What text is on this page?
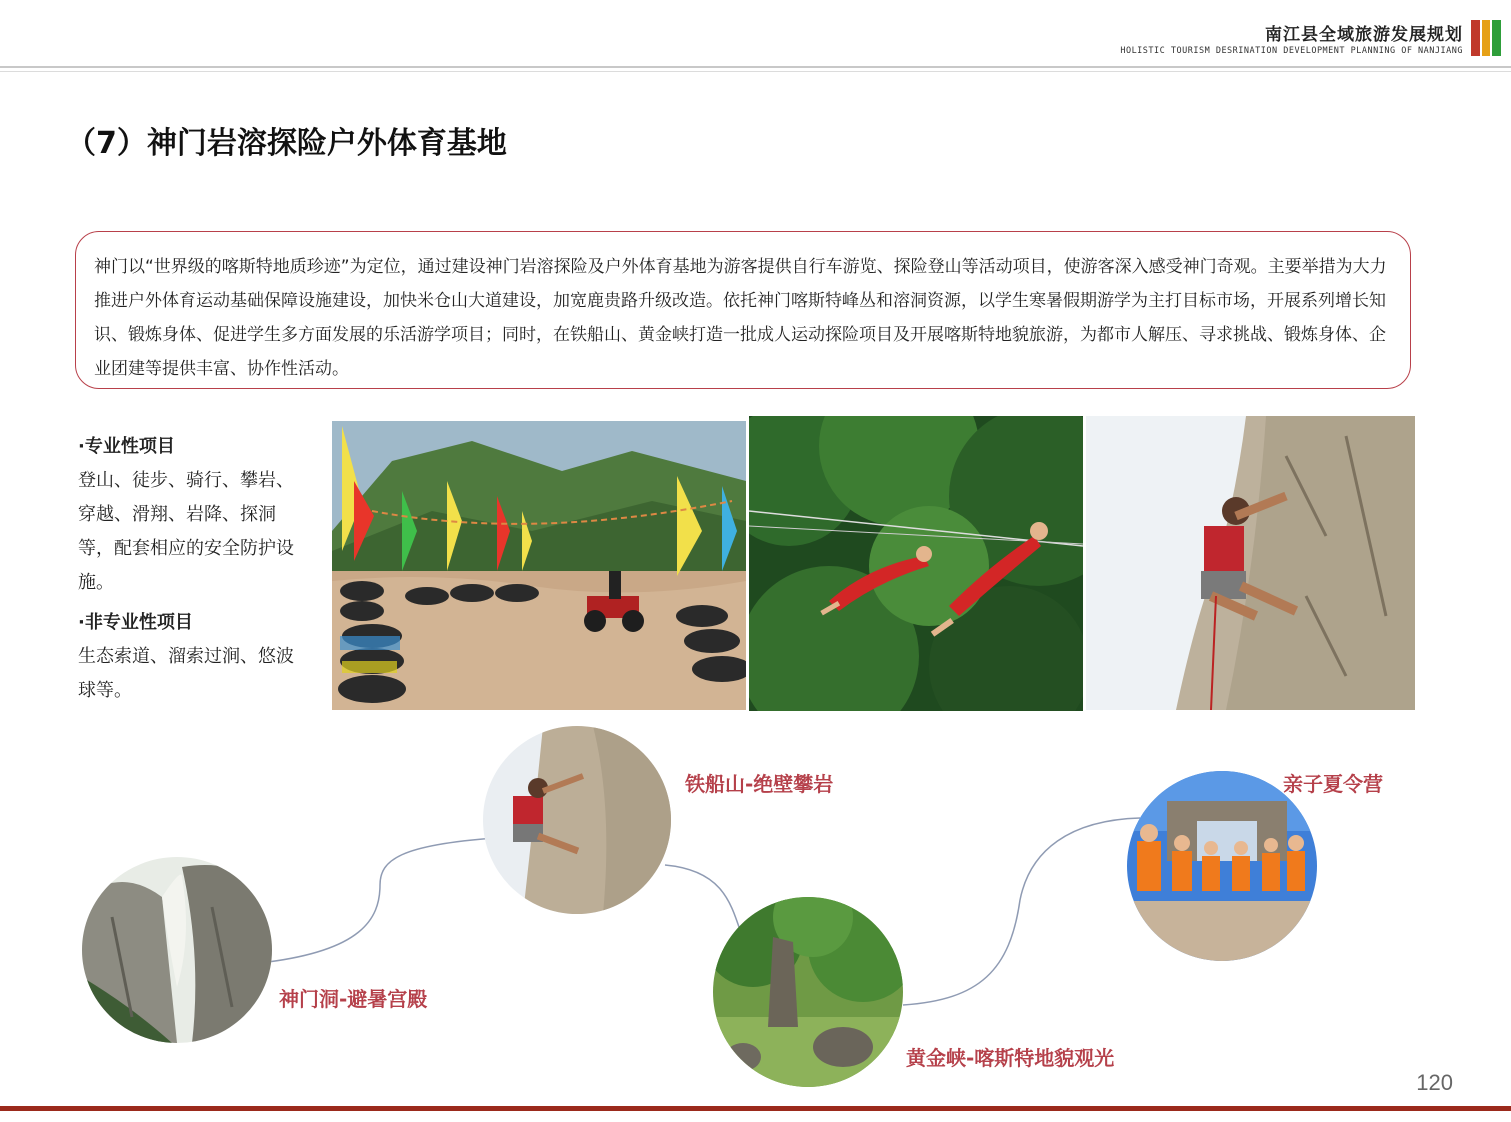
南江县全域旅游发展规划
HOLISTIC TOURISM DESRINATION DEVELOPMENT PLANNING OF NANJIANG
（7）神门岩溶探险户外体育基地
神门以“世界级的喀斯特地质珍迹”为定位，通过建设神门岩溶探险及户外体育基地为游客提供自行车游览、探险登山等活动项目，使游客深入感受神门奇观。主要举措为大力推进户外体育运动基础保障设施建设，加快米仓山大道建设，加宽鹿贵路升级改造。依托神门喀斯特峰丛和溶洞资源，以学生寒暑假期游学为主打目标市场，开展系列增长知识、锻炼身体、促进学生多方面发展的乐活游学项目；同时，在铁船山、黄金峡打造一批成人运动探险项目及开展喀斯特地貌旅游，为都市人解压、寻求挑战、锻炼身体、企业团建等提供丰富、协作性活动。
·专业性项目
登山、徒步、骑行、攀岩、穿越、滑翔、岩降、探洞等，配套相应的安全防护设施。
·非专业性项目
生态索道、溜索过涧、悠波球等。
神门洞-避暑宫殿
铁船山-绝壁攀岩
黄金峡-喀斯特地貌观光
亲子夏令营
120
